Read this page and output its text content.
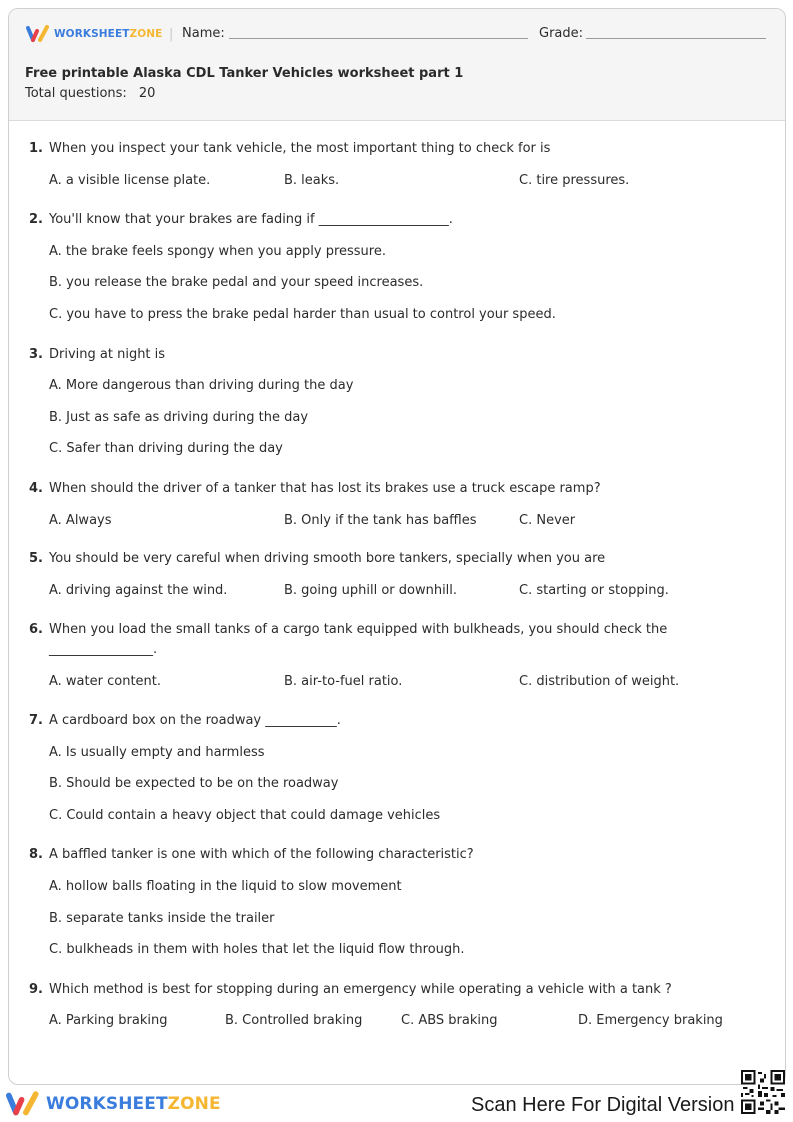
WORKSHEETZONE | Name:	Grade:
Free printable Alaska CDL Tanker Vehicles worksheet part 1
Total questions: 20
1. When you inspect your tank vehicle, the most important thing to check for is
A. a visible license plate.	B. leaks.	C. tire pressures.
2. You'll know that your brakes are fading if ____________________.
A. the brake feels spongy when you apply pressure.
B. you release the brake pedal and your speed increases.
C. you have to press the brake pedal harder than usual to control your speed.
3. Driving at night is
A. More dangerous than driving during the day
B. Just as safe as driving during the day
C. Safer than driving during the day
4. When should the driver of a tanker that has lost its brakes use a truck escape ramp?
A. Always	B. Only if the tank has baffles	C. Never
5. You should be very careful when driving smooth bore tankers, specially when you are
A. driving against the wind.	B. going uphill or downhill.	C. starting or stopping.
6. When you load the small tanks of a cargo tank equipped with bulkheads, you should check the ________________.
A. water content.	B. air-to-fuel ratio.	C. distribution of weight.
7. A cardboard box on the roadway ___________.
A. Is usually empty and harmless
B. Should be expected to be on the roadway
C. Could contain a heavy object that could damage vehicles
8. A baffled tanker is one with which of the following characteristic?
A. hollow balls floating in the liquid to slow movement
B. separate tanks inside the trailer
C. bulkheads in them with holes that let the liquid flow through.
9. Which method is best for stopping during an emergency while operating a vehicle with a tank ?
A. Parking braking	B. Controlled braking	C. ABS braking	D. Emergency braking
WORKSHEETZONE	Scan Here For Digital Version
